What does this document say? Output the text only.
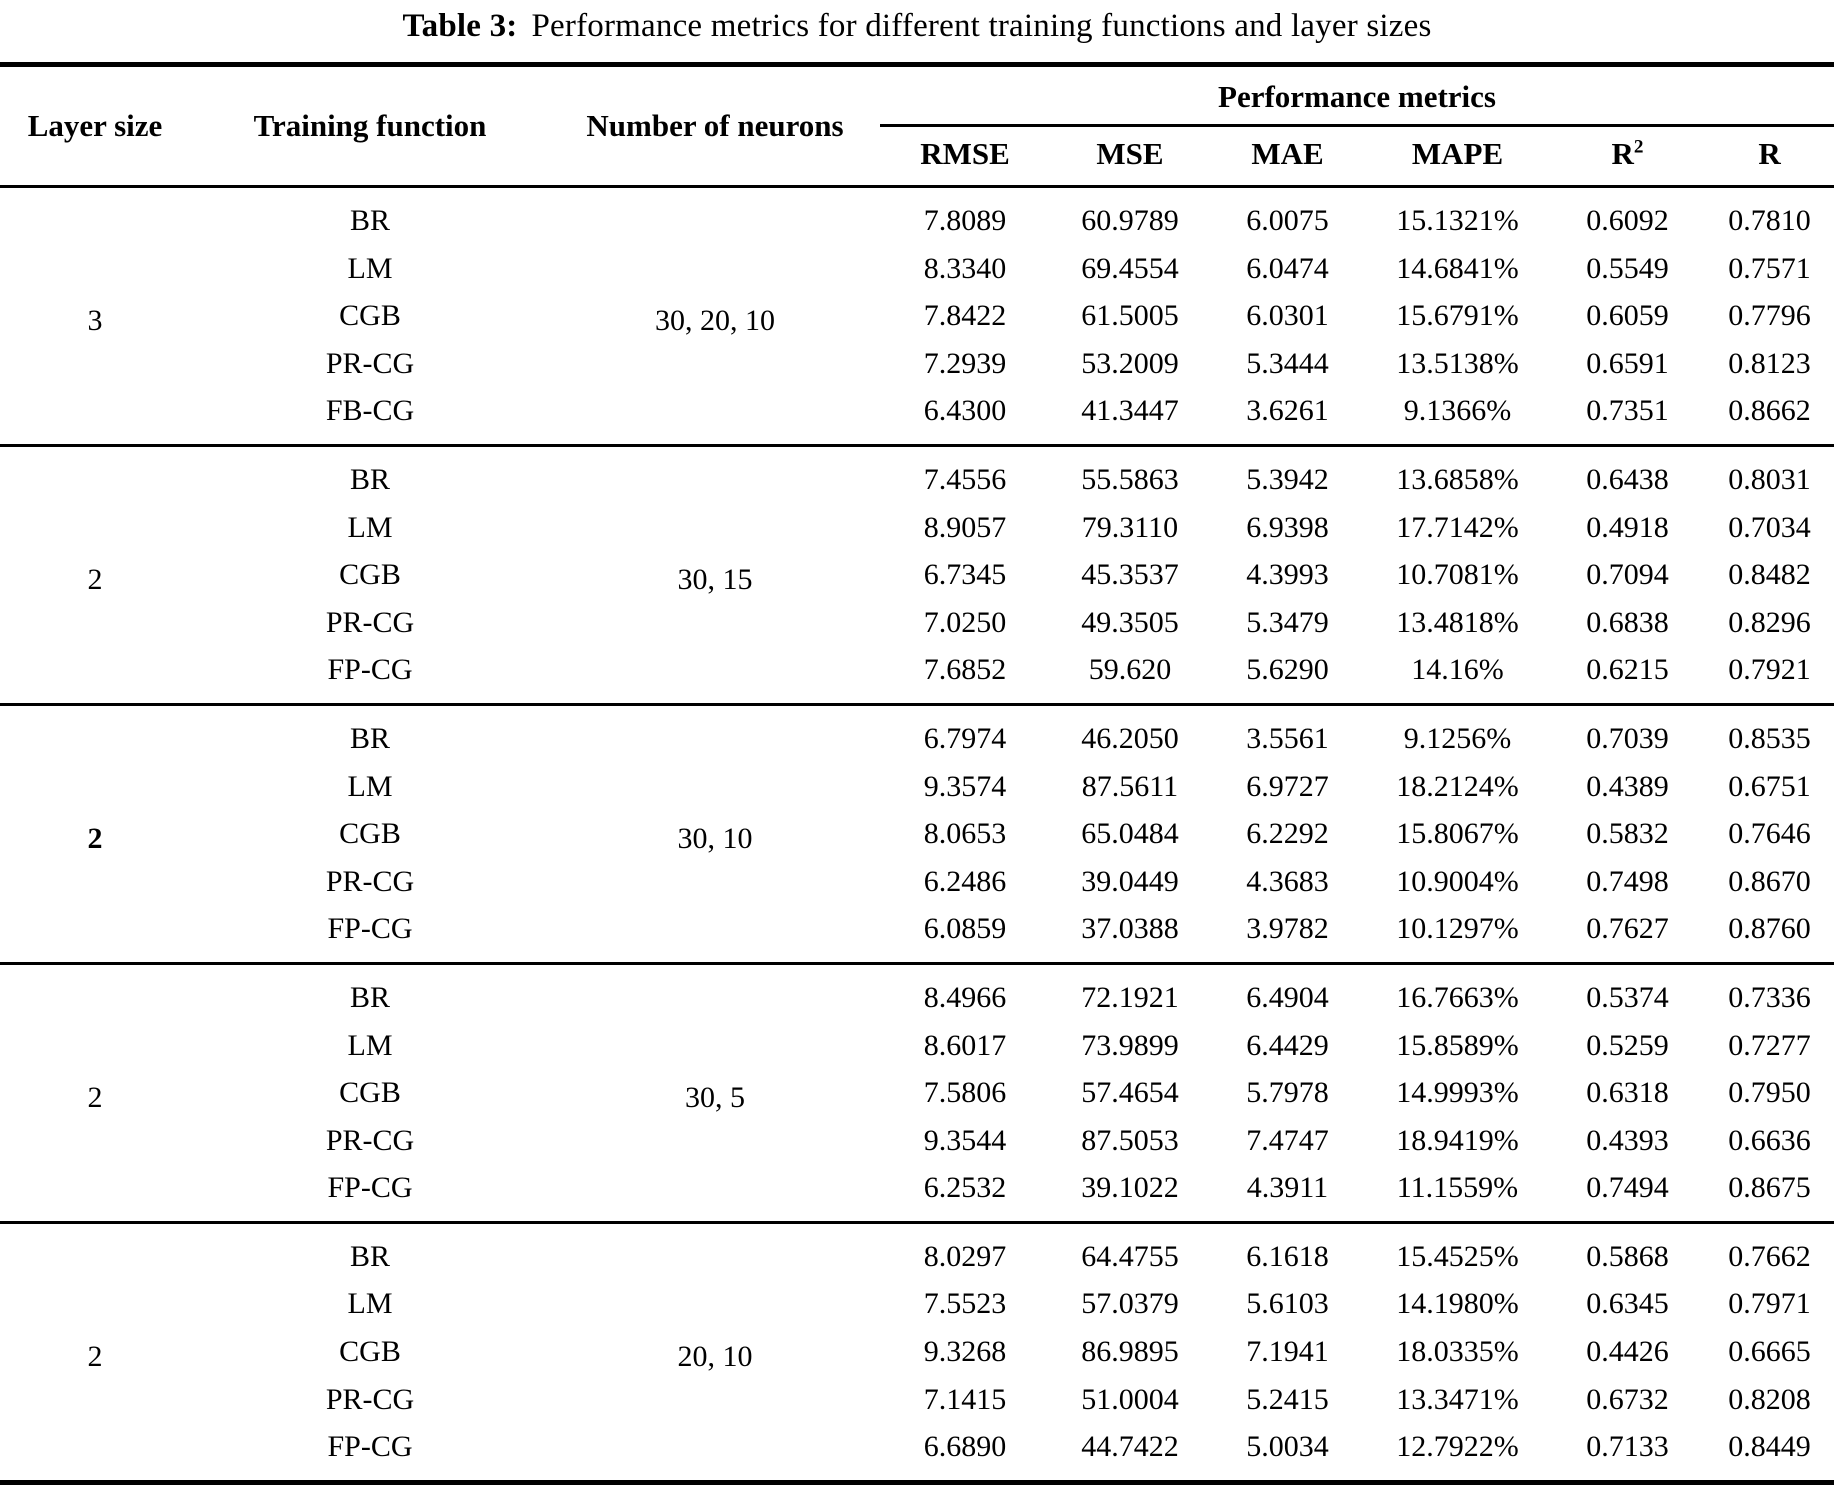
Table 3: Performance metrics for different training functions and layer sizes
Layer size	Training function	Number of neurons	Performance metrics					
			RMSE	MSE	MAE	MAPE	$R^2$	R
3	BR	30, 20, 10	7.8089	60.9789	6.0075	15.1321%	0.6092	0.7810
	LM		8.3340	69.4554	6.0474	14.6841%	0.5549	0.7571
	CGB		7.8422	61.5005	6.0301	15.6791%	0.6059	0.7796
	PR-CG		7.2939	53.2009	5.3444	13.5138%	0.6591	0.8123
	FB-CG		6.4300	41.3447	3.6261	9.1366%	0.7351	0.8662
2	BR	30, 15	7.4556	55.5863	5.3942	13.6858%	0.6438	0.8031
	LM		8.9057	79.3110	6.9398	17.7142%	0.4918	0.7034
	CGB		6.7345	45.3537	4.3993	10.7081%	0.7094	0.8482
	PR-CG		7.0250	49.3505	5.3479	13.4818%	0.6838	0.8296
	FP-CG		7.6852	59.620	5.6290	14.16%	0.6215	0.7921
2	BR	30, 10	6.7974	46.2050	3.5561	9.1256%	0.7039	0.8535
	LM		9.3574	87.5611	6.9727	18.2124%	0.4389	0.6751
	CGB		8.0653	65.0484	6.2292	15.8067%	0.5832	0.7646
	PR-CG		6.2486	39.0449	4.3683	10.9004%	0.7498	0.8670
	FP-CG		6.0859	37.0388	3.9782	10.1297%	0.7627	0.8760
2	BR	30, 5	8.4966	72.1921	6.4904	16.7663%	0.5374	0.7336
	LM		8.6017	73.9899	6.4429	15.8589%	0.5259	0.7277
	CGB		7.5806	57.4654	5.7978	14.9993%	0.6318	0.7950
	PR-CG		9.3544	87.5053	7.4747	18.9419%	0.4393	0.6636
	FP-CG		6.2532	39.1022	4.3911	11.1559%	0.7494	0.8675
2	BR	20, 10	8.0297	64.4755	6.1618	15.4525%	0.5868	0.7662
	LM		7.5523	57.0379	5.6103	14.1980%	0.6345	0.7971
	CGB		9.3268	86.9895	7.1941	18.0335%	0.4426	0.6665
	PR-CG		7.1415	51.0004	5.2415	13.3471%	0.6732	0.8208
	FP-CG		6.6890	44.7422	5.0034	12.7922%	0.7133	0.8449
